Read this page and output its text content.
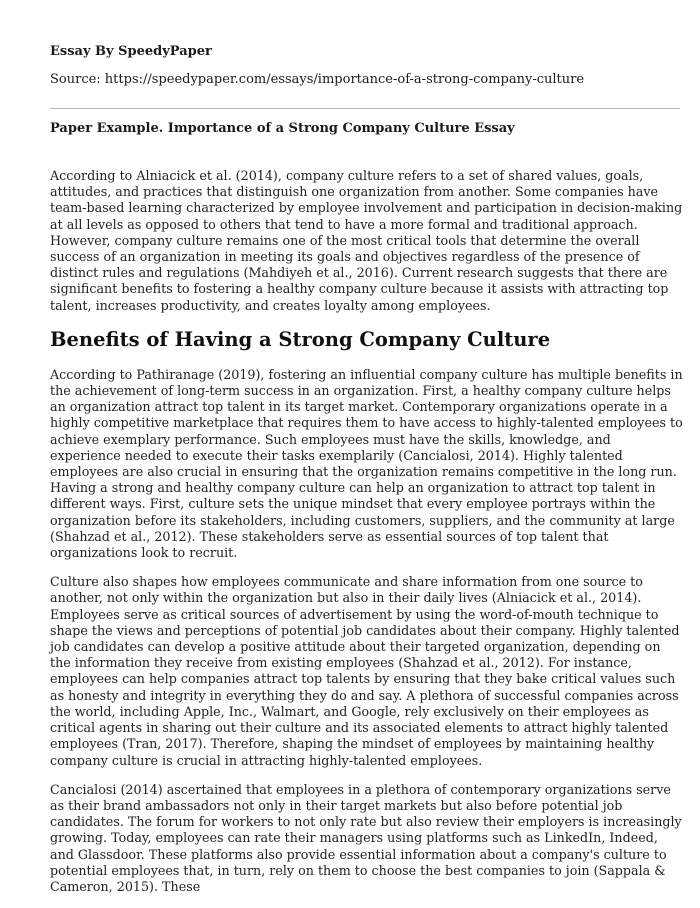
Essay By SpeedyPaper
Source: https://speedypaper.com/essays/importance-of-a-strong-company-culture
Paper Example. Importance of a Strong Company Culture Essay

According to Alniacick et al. (2014), company culture refers to a set of shared values, goals, attitudes, and practices that distinguish one organization from another. Some companies have team-based learning characterized by employee involvement and participation in decision-making at all levels as opposed to others that tend to have a more formal and traditional approach. However, company culture remains one of the most critical tools that determine the overall success of an organization in meeting its goals and objectives regardless of the presence of distinct rules and regulations (Mahdiyeh et al., 2016). Current research suggests that there are significant benefits to fostering a healthy company culture because it assists with attracting top talent, increases productivity, and creates loyalty among employees.

Benefits of Having a Strong Company Culture

According to Pathiranage (2019), fostering an influential company culture has multiple benefits in the achievement of long-term success in an organization. First, a healthy company culture helps an organization attract top talent in its target market. Contemporary organizations operate in a highly competitive marketplace that requires them to have access to highly-talented employees to achieve exemplary performance. Such employees must have the skills, knowledge, and experience needed to execute their tasks exemplarily (Cancialosi, 2014). Highly talented employees are also crucial in ensuring that the organization remains competitive in the long run. Having a strong and healthy company culture can help an organization to attract top talent in different ways. First, culture sets the unique mindset that every employee portrays within the organization before its stakeholders, including customers, suppliers, and the community at large (Shahzad et al., 2012). These stakeholders serve as essential sources of top talent that organizations look to recruit.

Culture also shapes how employees communicate and share information from one source to another, not only within the organization but also in their daily lives (Alniacick et al., 2014). Employees serve as critical sources of advertisement by using the word-of-mouth technique to shape the views and perceptions of potential job candidates about their company. Highly talented job candidates can develop a positive attitude about their targeted organization, depending on the information they receive from existing employees (Shahzad et al., 2012). For instance, employees can help companies attract top talents by ensuring that they bake critical values such as honesty and integrity in everything they do and say. A plethora of successful companies across the world, including Apple, Inc., Walmart, and Google, rely exclusively on their employees as critical agents in sharing out their culture and its associated elements to attract highly talented employees (Tran, 2017). Therefore, shaping the mindset of employees by maintaining healthy company culture is crucial in attracting highly-talented employees.

Cancialosi (2014) ascertained that employees in a plethora of contemporary organizations serve as their brand ambassadors not only in their target markets but also before potential job candidates. The forum for workers to not only rate but also review their employers is increasingly growing. Today, employees can rate their managers using platforms such as LinkedIn, Indeed, and Glassdoor. These platforms also provide essential information about a company's culture to potential employees that, in turn, rely on them to choose the best companies to join (Sappala & Cameron, 2015). These
